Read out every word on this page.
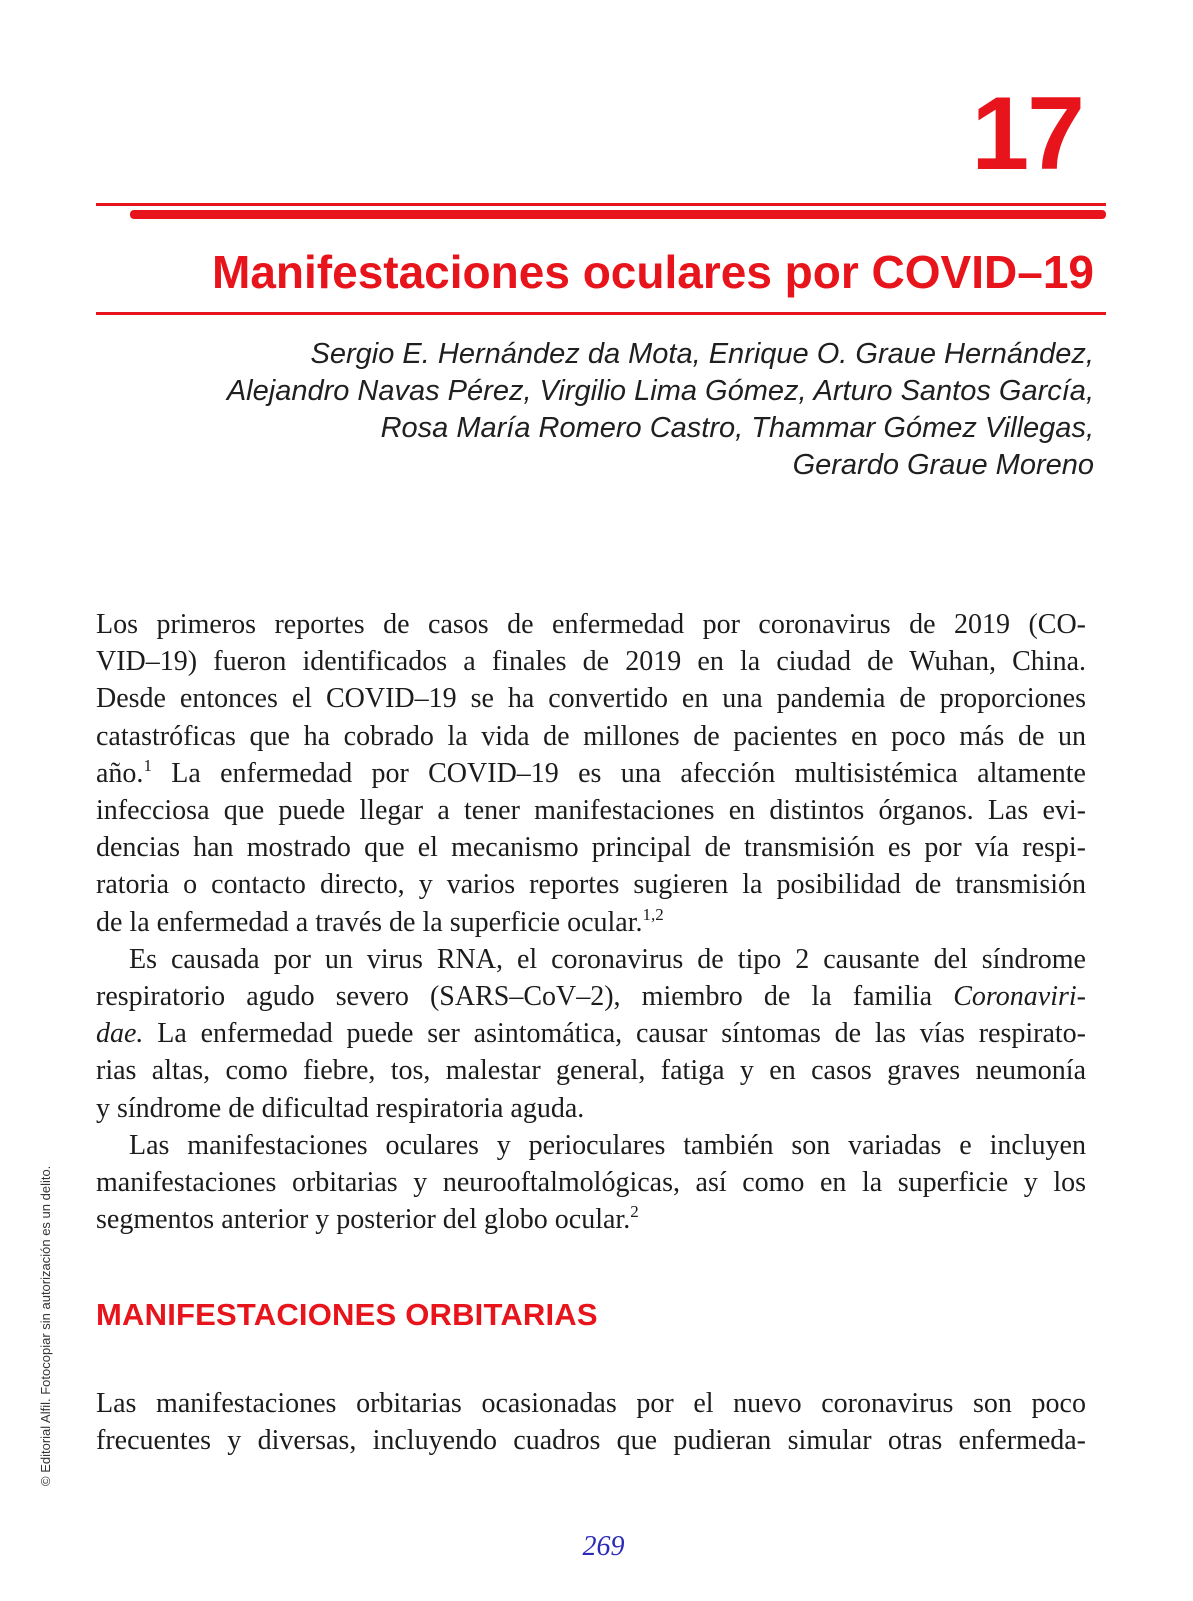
17
Manifestaciones oculares por COVID–19
Sergio E. Hernández da Mota, Enrique O. Graue Hernández,
Alejandro Navas Pérez, Virgilio Lima Gómez, Arturo Santos García,
Rosa María Romero Castro, Thammar Gómez Villegas,
Gerardo Graue Moreno
Los primeros reportes de casos de enfermedad por coronavirus de 2019 (CO-
VID–19) fueron identificados a finales de 2019 en la ciudad de Wuhan, China.
Desde entonces el COVID–19 se ha convertido en una pandemia de proporciones
catastróficas que ha cobrado la vida de millones de pacientes en poco más de un
año.$^1$ La enfermedad por COVID–19 es una afección multisistémica altamente
infecciosa que puede llegar a tener manifestaciones en distintos órganos. Las evi-
dencias han mostrado que el mecanismo principal de transmisión es por vía respi-
ratoria o contacto directo, y varios reportes sugieren la posibilidad de transmisión
de la enfermedad a través de la superficie ocular.$^{1,2}$
Es causada por un virus RNA, el coronavirus de tipo 2 causante del síndrome
respiratorio agudo severo (SARS–CoV–2), miembro de la familia Coronaviri-
dae. La enfermedad puede ser asintomática, causar síntomas de las vías respirato-
rias altas, como fiebre, tos, malestar general, fatiga y en casos graves neumonía
y síndrome de dificultad respiratoria aguda.
Las manifestaciones oculares y perioculares también son variadas e incluyen
manifestaciones orbitarias y neurooftalmológicas, así como en la superficie y los
segmentos anterior y posterior del globo ocular.$^2$
MANIFESTACIONES ORBITARIAS
Las manifestaciones orbitarias ocasionadas por el nuevo coronavirus son poco
frecuentes y diversas, incluyendo cuadros que pudieran simular otras enfermeda-
© Editorial Alfil. Fotocopiar sin autorización es un delito.
269
